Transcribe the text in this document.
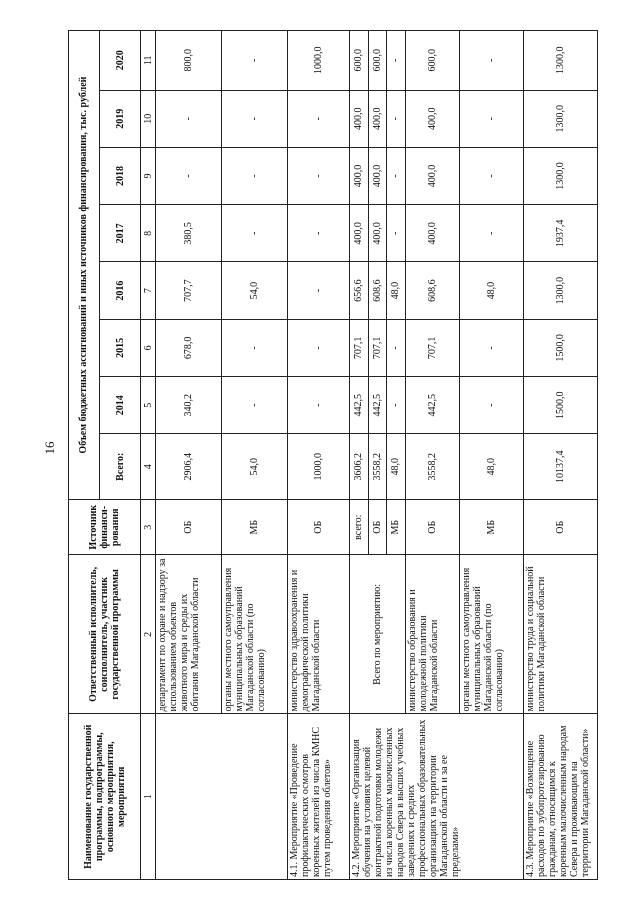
16
Наименование государственной программы, подпрограммы, основного мероприятия, мероприятия	Ответственный исполнитель, соисполнитель, участник государственной программы	Источник финанси-рования	Объем бюджетных ассигнований и иных источников финансирования, тыс. рублей							
			Всего:	2014	2015	2016	2017	2018	2019	2020
1	2	3	4	5	6	7	8	9	10	11
	департамент по охране и надзору за использованием объектов животного мира и среды их обитания Магаданской области	ОБ	2906,4	340,2	678,0	707,7	380,5	-	-	800,0
	органы местного самоуправления муниципальных образований Магаданской области (по согласованию)	МБ	54,0	-	-	54,0	-	-	-	-
4.1. Мероприятие «Проведение профилактических осмотров коренных жителей из числа КМНС путем проведения облетов»	министерство здравоохранения и демографической политики Магаданской области	ОБ	1000,0	-	-	-	-	-	-	1000,0
4.2. Мероприятие «Организация обучения на условиях целевой контрактной подготовки молодежи из числа коренных малочисленных народов Севера в высших учебных заведениях и средних профессиональных образовательных организациях на территории Магаданской области и за ее пределами»	Всего по мероприятию:	всего:	3606,2	442,5	707,1	656,6	400,0	400,0	400,0	600,0
		ОБ	3558,2	442,5	707,1	608,6	400,0	400,0	400,0	600,0
		МБ	48,0	-	-	48,0	-	-	-	-
	министерство образования и молодежной политики Магаданской области	ОБ	3558,2	442,5	707,1	608,6	400,0	400,0	400,0	600,0
	органы местного самоуправления муниципальных образований Магаданской области (по согласованию)	МБ	48,0	-	-	48,0	-	-	-	-
4.3. Мероприятие «Возмещение расходов по зубопротезированию гражданам, относящимся к коренным малочисленным народам Севера и проживающим на территории Магаданской области»	министерство труда и социальной политики Магаданской области	ОБ	10137,4	1500,0	1500,0	1300,0	1937,4	1300,0	1300,0	1300,0
